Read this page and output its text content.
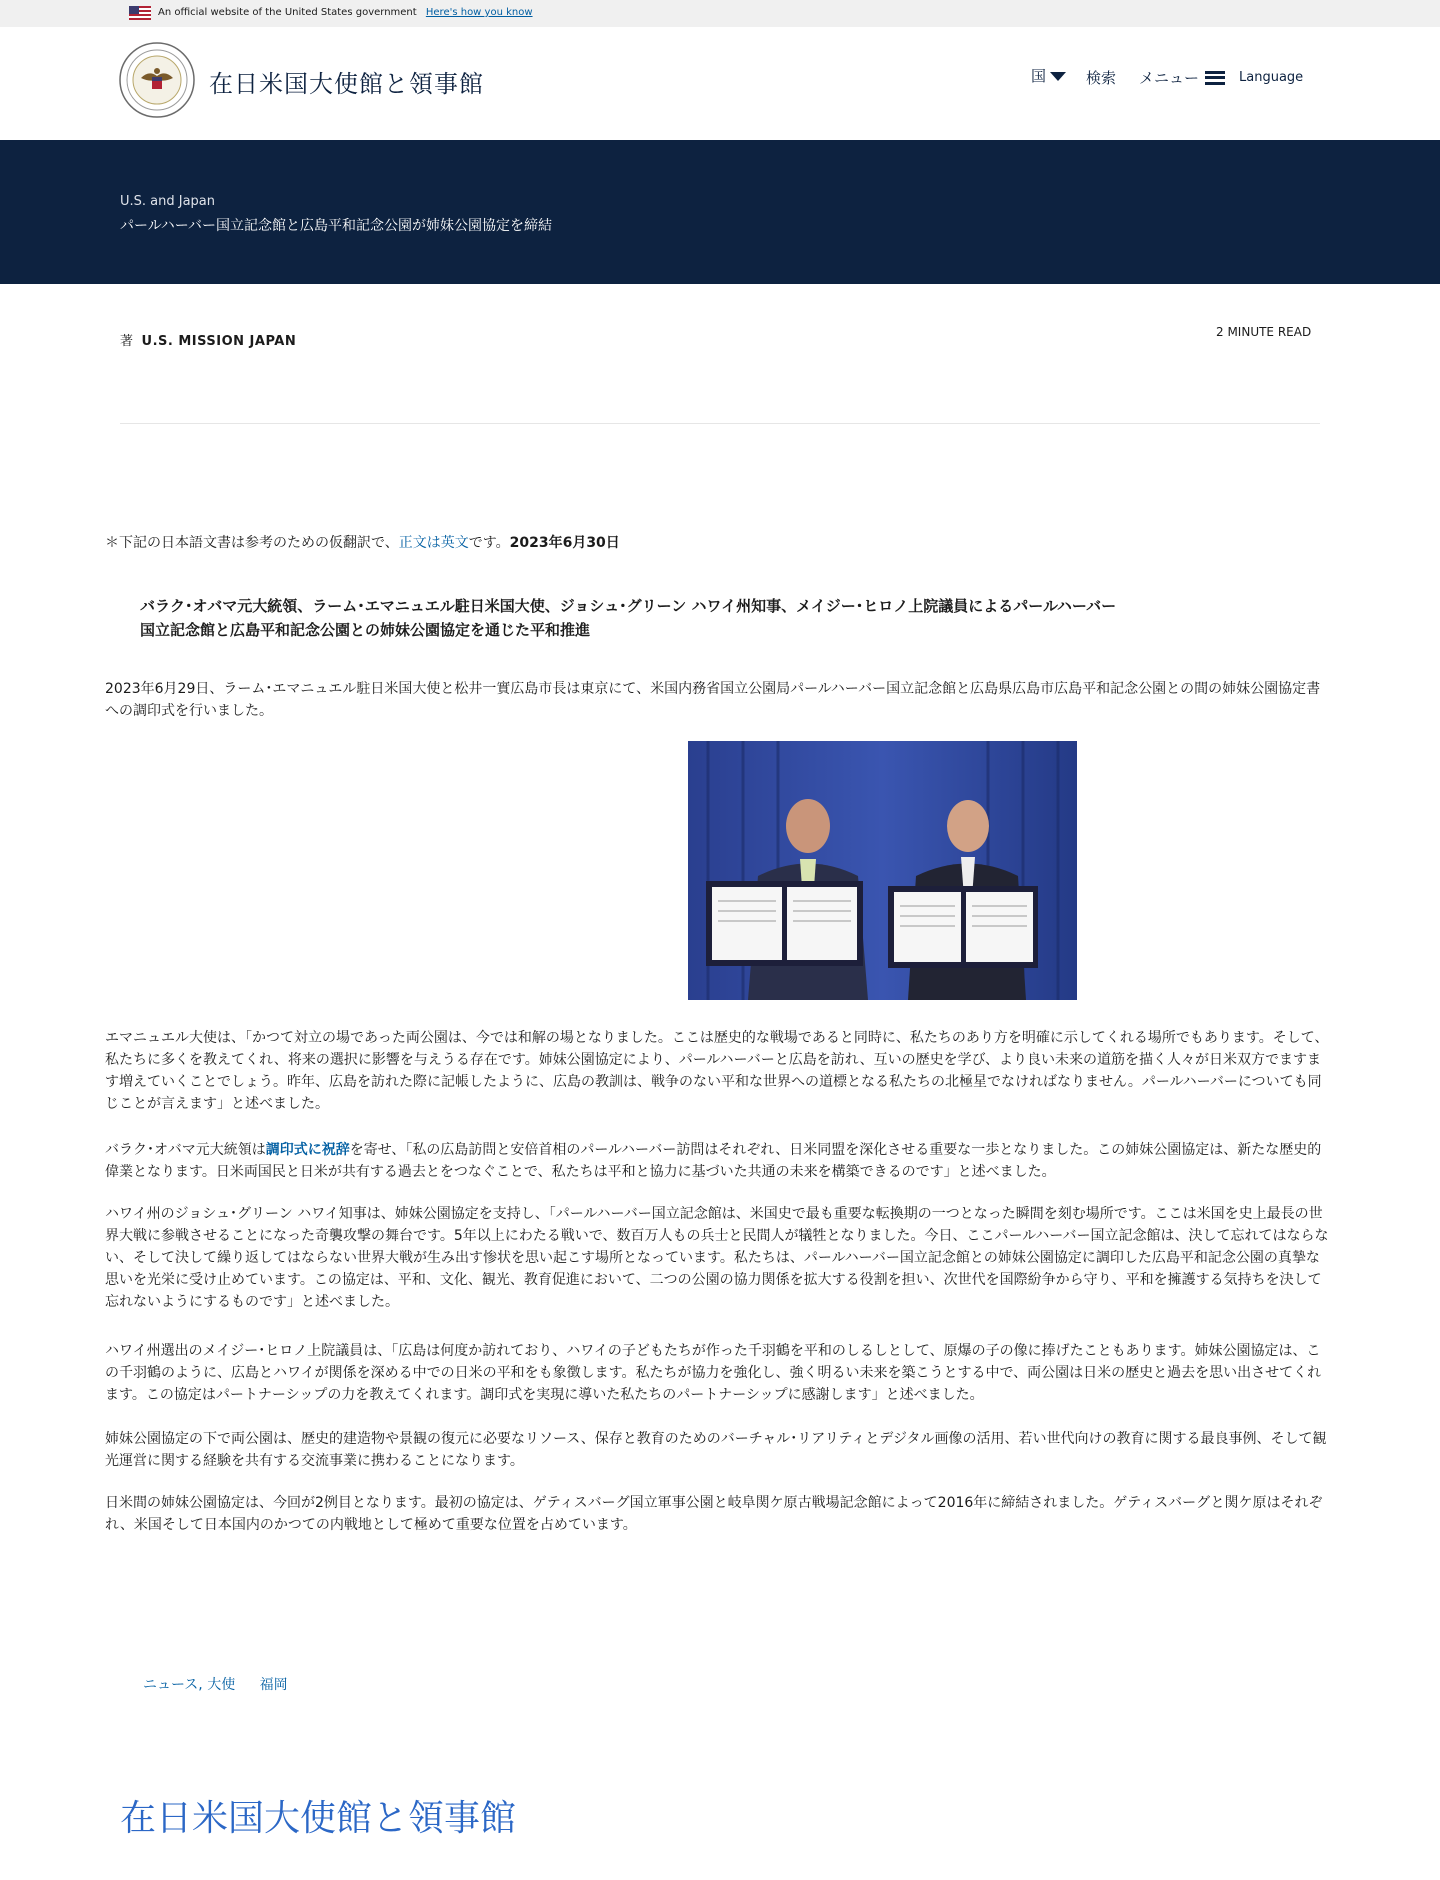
An official website of the United States government Here's how you know
在日米国大使館と領事館	国	検索 メニュー	Language
U.S. and Japan
パールハーバー国立記念館と広島平和記念公園が姉妹公園協定を締結
著 U.S. MISSION JAPAN
2 MINUTE READ
＊下記の日本語文書は参考のための仮翻訳で、正文は英文です。2023年6月30日
バラク･オバマ元大統領、ラーム･エマニュエル駐日米国大使、ジョシュ･グリーン ハワイ州知事、メイジー･ヒロノ上院議員によるパールハーバー国立記念館と広島平和記念公園との姉妹公園協定を通じた平和推進
2023年6月29日、ラーム･エマニュエル駐日米国大使と松井一實広島市長は東京にて、米国内務省国立公園局パールハーバー国立記念館と広島県広島市広島平和記念公園との間の姉妹公園協定書への調印式を行いました。
エマニュエル大使は、「かつて対立の場であった両公園は、今では和解の場となりました。ここは歴史的な戦場であると同時に、私たちのあり方を明確に示してくれる場所でもあります。そして、私たちに多くを教えてくれ、将来の選択に影響を与えうる存在です。姉妹公園協定により、パールハーバーと広島を訪れ、互いの歴史を学び、より良い未来の道筋を描く人々が日米双方でますます増えていくことでしょう。昨年、広島を訪れた際に記帳したように、広島の教訓は、戦争のない平和な世界への道標となる私たちの北極星でなければなりません。パールハーバーについても同じことが言えます」と述べました。
バラク･オバマ元大統領は調印式に祝辞を寄せ、「私の広島訪問と安倍首相のパールハーバー訪問はそれぞれ、日米同盟を深化させる重要な一歩となりました。この姉妹公園協定は、新たな歴史的偉業となります。日米両国民と日米が共有する過去とをつなぐことで、私たちは平和と協力に基づいた共通の未来を構築できるのです」と述べました。
ハワイ州のジョシュ･グリーン ハワイ知事は、姉妹公園協定を支持し、「パールハーバー国立記念館は、米国史で最も重要な転換期の一つとなった瞬間を刻む場所です。ここは米国を史上最長の世界大戦に参戦させることになった奇襲攻撃の舞台です。5年以上にわたる戦いで、数百万人もの兵士と民間人が犠牲となりました。今日、ここパールハーバー国立記念館は、決して忘れてはならない、そして決して繰り返してはならない世界大戦が生み出す惨状を思い起こす場所となっています。私たちは、パールハーバー国立記念館との姉妹公園協定に調印した広島平和記念公園の真摯な思いを光栄に受け止めています。この協定は、平和、文化、観光、教育促進において、二つの公園の協力関係を拡大する役割を担い、次世代を国際紛争から守り、平和を擁護する気持ちを決して忘れないようにするものです」と述べました。
ハワイ州選出のメイジー･ヒロノ上院議員は、「広島は何度か訪れており、ハワイの子どもたちが作った千羽鶴を平和のしるしとして、原爆の子の像に捧げたこともあります。姉妹公園協定は、この千羽鶴のように、広島とハワイが関係を深める中での日米の平和をも象徴します。私たちが協力を強化し、強く明るい未来を築こうとする中で、両公園は日米の歴史と過去を思い出させてくれます。この協定はパートナーシップの力を教えてくれます。調印式を実現に導いた私たちのパートナーシップに感謝します」と述べました。
姉妹公園協定の下で両公園は、歴史的建造物や景観の復元に必要なリソース、保存と教育のためのバーチャル･リアリティとデジタル画像の活用、若い世代向けの教育に関する最良事例、そして観光運営に関する経験を共有する交流事業に携わることになります。
日米間の姉妹公園協定は、今回が2例目となります。最初の協定は、ゲティスバーグ国立軍事公園と岐阜関ケ原古戦場記念館によって2016年に締結されました。ゲティスバーグと関ケ原はそれぞれ、米国そして日本国内のかつての内戦地として極めて重要な位置を占めています。
ニュース, 大使 福岡
在日米国大使館と領事館
